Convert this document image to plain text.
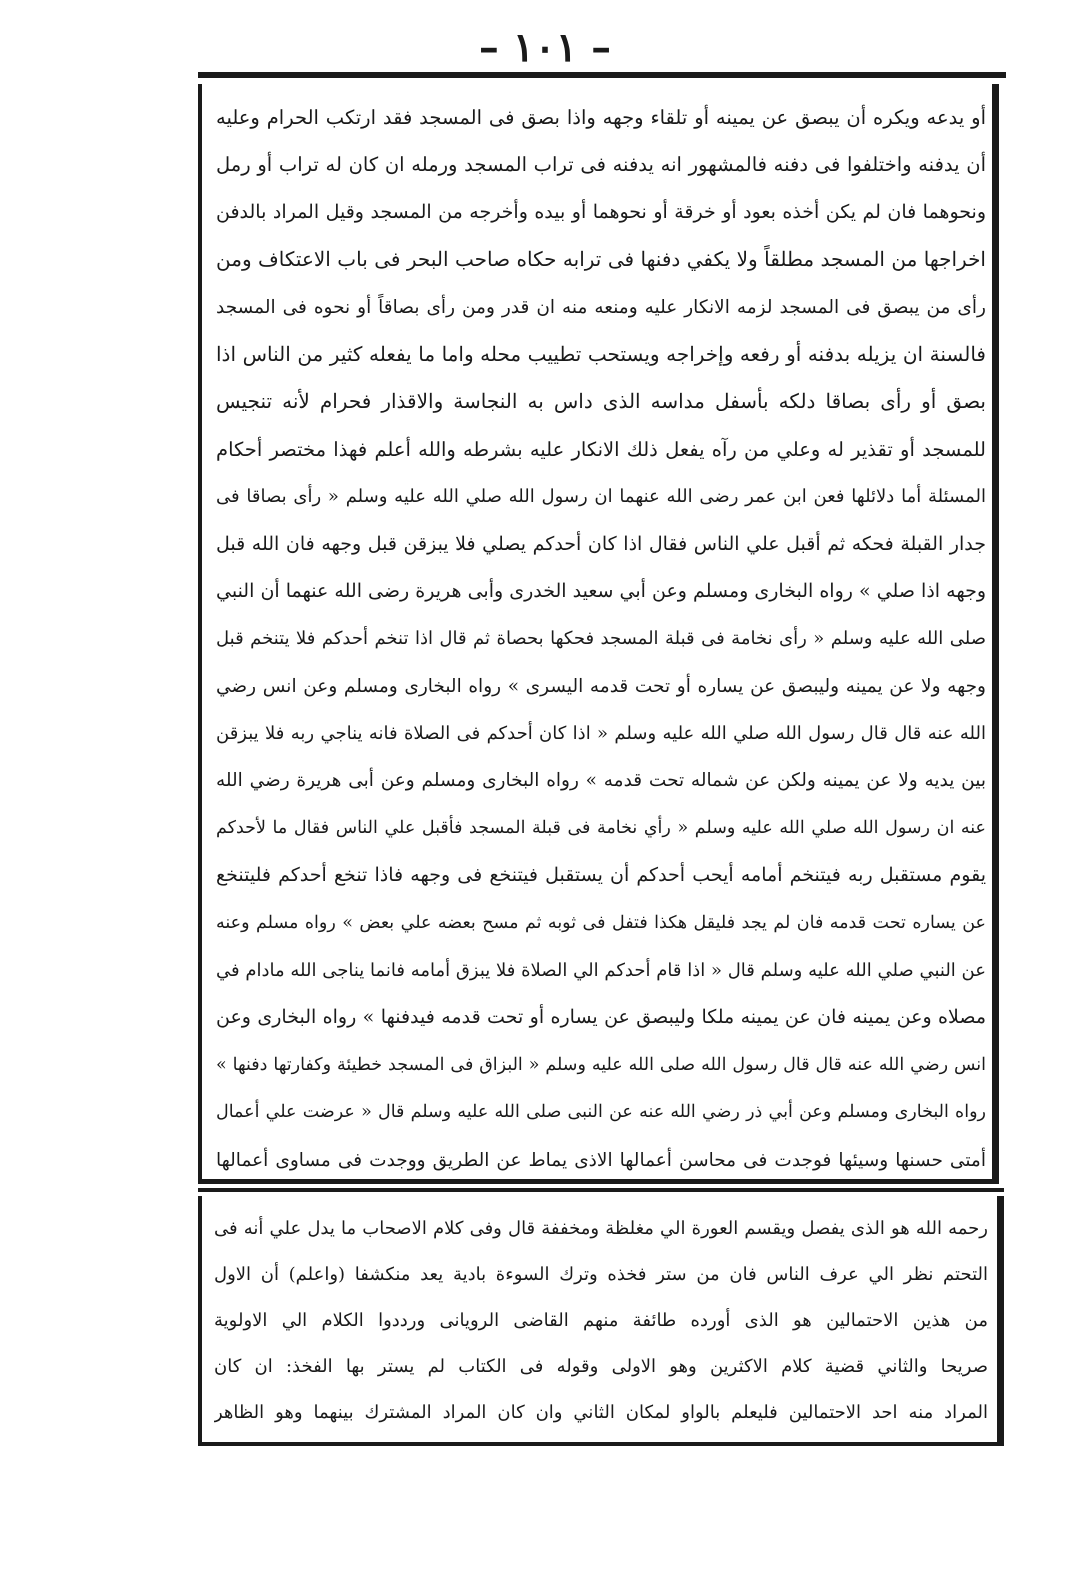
– ١٠١ –
أو يدعه ويكره أن يبصق عن يمينه أو تلقاء وجهه واذا بصق فى المسجد فقد ارتكب الحرام وعليه
أن يدفنه واختلفوا فى دفنه فالمشهور انه يدفنه فى تراب المسجد ورمله ان كان له تراب أو رمل
ونحوهما فان لم يكن أخذه بعود أو خرقة أو نحوهما أو بيده وأخرجه من المسجد وقيل المراد بالدفن
اخراجها من المسجد مطلقاً ولا يكفي دفنها فى ترابه حكاه صاحب البحر فى باب الاعتكاف ومن
رأى من يبصق فى المسجد لزمه الانكار عليه ومنعه منه ان قدر ومن رأى بصاقاً أو نحوه فى المسجد
فالسنة ان يزيله بدفنه أو رفعه وإخراجه ويستحب تطييب محله واما ما يفعله كثير من الناس اذا
بصق أو رأى بصاقا دلكه بأسفل مداسه الذى داس به النجاسة والاقذار فحرام لأنه تنجيس
للمسجد أو تقذير له وعلي من رآه يفعل ذلك الانكار عليه بشرطه والله أعلم فهذا مختصر أحكام
المسئلة أما دلائلها فعن ابن عمر رضى الله عنهما ان رسول الله صلي الله عليه وسلم « رأى بصاقا فى
جدار القبلة فحكه ثم أقبل علي الناس فقال اذا كان أحدكم يصلي فلا يبزقن قبل وجهه فان الله قبل
وجهه اذا صلي » رواه البخارى ومسلم وعن أبي سعيد الخدرى وأبى هريرة رضى الله عنهما أن النبي
صلى الله عليه وسلم « رأى نخامة فى قبلة المسجد فحكها بحصاة ثم قال اذا تنخم أحدكم فلا يتنخم قبل
وجهه ولا عن يمينه وليبصق عن يساره أو تحت قدمه اليسرى » رواه البخارى ومسلم وعن انس رضي
الله عنه قال قال رسول الله صلي الله عليه وسلم « اذا كان أحدكم فى الصلاة فانه يناجي ربه فلا يبزقن
بين يديه ولا عن يمينه ولكن عن شماله تحت قدمه » رواه البخارى ومسلم وعن أبى هريرة رضي الله
عنه ان رسول الله صلي الله عليه وسلم « رأي نخامة فى قبلة المسجد فأقبل علي الناس فقال ما لأحدكم
يقوم مستقبل ربه فيتنخم أمامه أيحب أحدكم أن يستقبل فيتنخع فى وجهه فاذا تنخع أحدكم فليتنخع
عن يساره تحت قدمه فان لم يجد فليقل هكذا فتفل فى ثوبه ثم مسح بعضه علي بعض » رواه مسلم وعنه
عن النبي صلي الله عليه وسلم قال « اذا قام أحدكم الي الصلاة فلا يبزق أمامه فانما يناجى الله مادام في
مصلاه وعن يمينه فان عن يمينه ملكا وليبصق عن يساره أو تحت قدمه فيدفنها » رواه البخارى وعن
انس رضي الله عنه قال قال رسول الله صلى الله عليه وسلم « البزاق فى المسجد خطيئة وكفارتها دفنها »
رواه البخارى ومسلم وعن أبي ذر رضي الله عنه عن النبى صلى الله عليه وسلم قال « عرضت علي أعمال
أمتى حسنها وسيئها فوجدت فى محاسن أعمالها الاذى يماط عن الطريق ووجدت فى مساوى أعمالها
رحمه الله هو الذى يفصل ويقسم العورة الي مغلظة ومخففة قال وفى كلام الاصحاب ما يدل علي أنه فى
التحتم نظر الي عرف الناس فان من ستر فخذه وترك السوءة بادية يعد منكشفا (واعلم) أن الاول
من هذين الاحتمالين هو الذى أورده طائفة منهم القاضى الرويانى ورددوا الكلام الي الاولوية
صريحا والثاني قضية كلام الاكثرين وهو الاولى وقوله فى الكتاب لم يستر بها الفخذ: ان كان
المراد منه احد الاحتمالين فليعلم بالواو لمكان الثاني وان كان المراد المشترك بينهما وهو الظاهر
